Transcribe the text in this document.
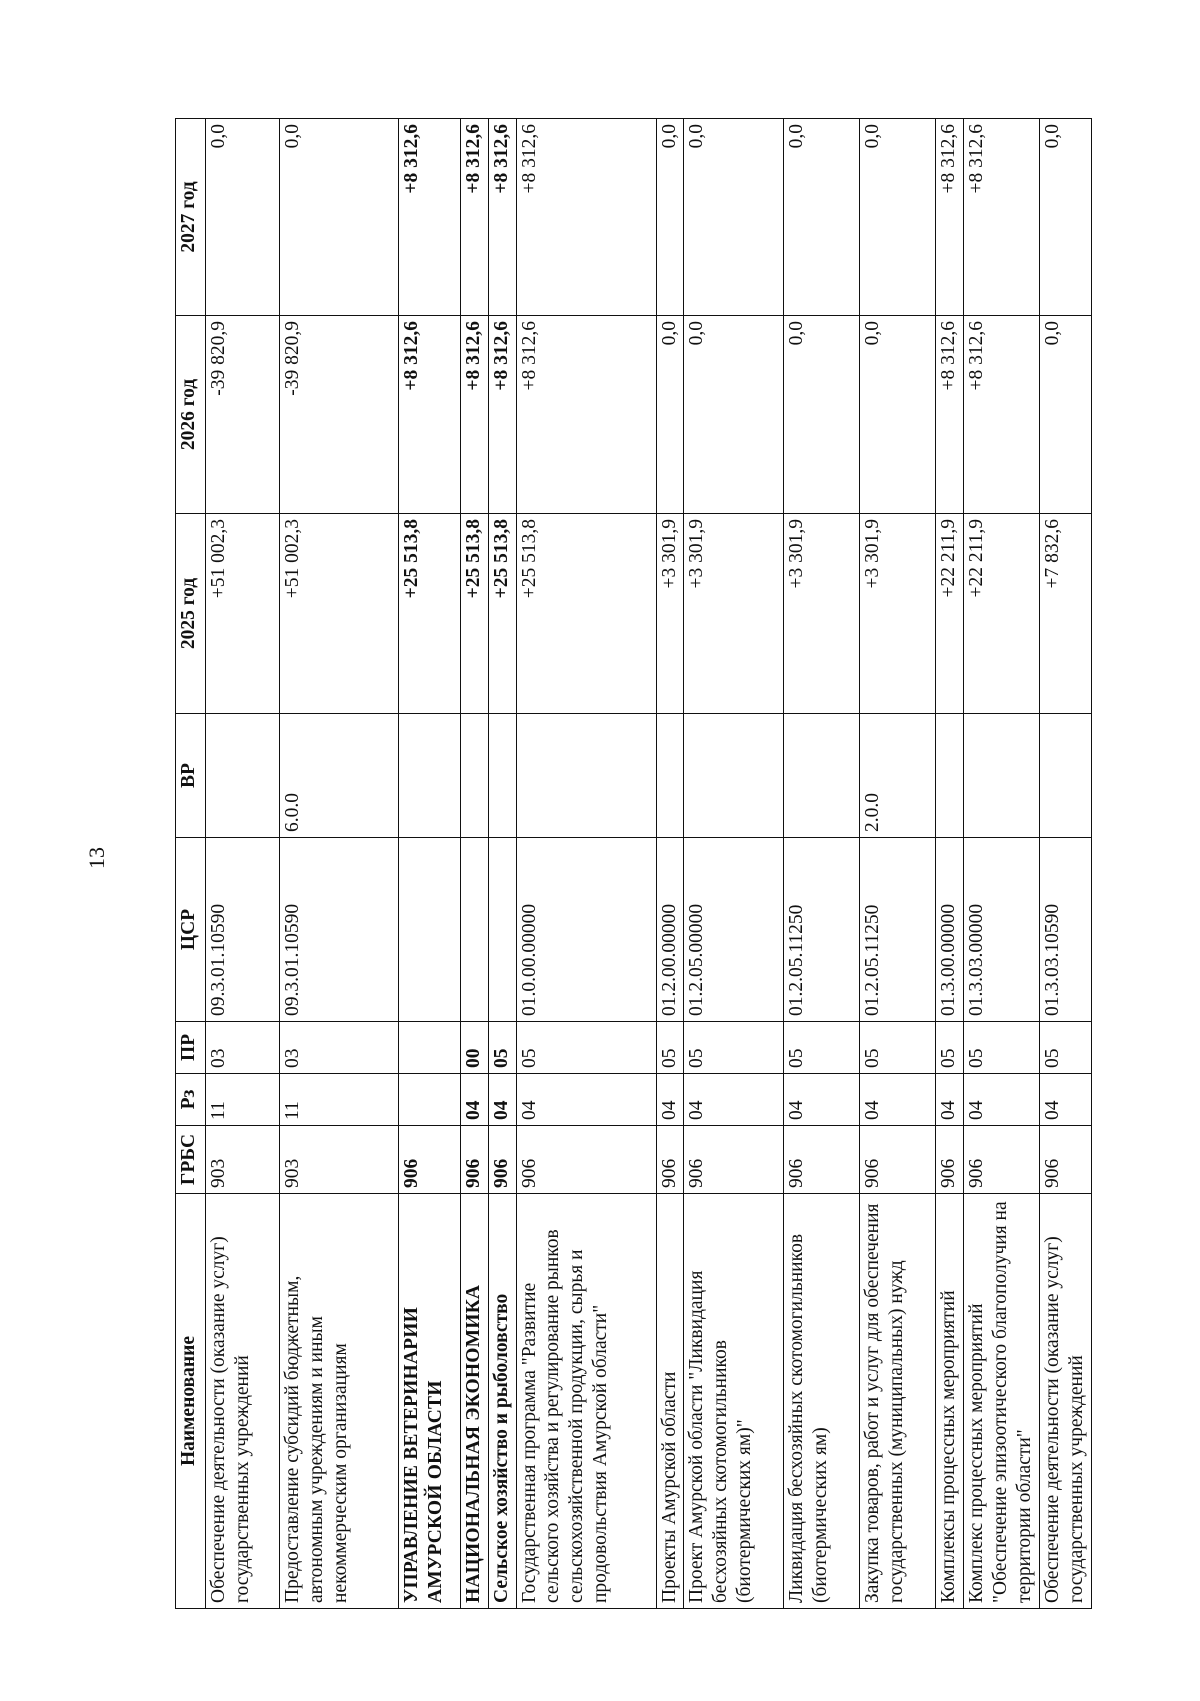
13
Наименование	ГРБС	Рз	ПР	ЦСР	ВР	2025 год	2026 год	2027 год
Обеспечение деятельности (оказание услуг) государственных учреждений	903	11	03	09.3.01.10590		+51 002,3	-39 820,9	0,0
Предоставление субсидий бюджетным, автономным учреждениям и иным некоммерческим организациям	903	11	03	09.3.01.10590	6.0.0	+51 002,3	-39 820,9	0,0
УПРАВЛЕНИЕ ВЕТЕРИНАРИИ АМУРСКОЙ ОБЛАСТИ	906					+25 513,8	+8 312,6	+8 312,6
НАЦИОНАЛЬНАЯ ЭКОНОМИКА	906	04	00			+25 513,8	+8 312,6	+8 312,6
Сельское хозяйство и рыболовство	906	04	05			+25 513,8	+8 312,6	+8 312,6
Государственная программа "Развитие сельского хозяйства и регулирование рынков сельскохозяйственной продукции, сырья и продовольствия Амурской области"	906	04	05	01.0.00.00000		+25 513,8	+8 312,6	+8 312,6
Проекты Амурской области	906	04	05	01.2.00.00000		+3 301,9	0,0	0,0
Проект Амурской области "Ликвидация бесхозяйных скотомогильников (биотермических ям)"	906	04	05	01.2.05.00000		+3 301,9	0,0	0,0
Ликвидация бесхозяйных скотомогильников (биотермических ям)	906	04	05	01.2.05.11250		+3 301,9	0,0	0,0
Закупка товаров, работ и услуг для обеспечения государственных (муниципальных) нужд	906	04	05	01.2.05.11250	2.0.0	+3 301,9	0,0	0,0
Комплексы процессных мероприятий	906	04	05	01.3.00.00000		+22 211,9	+8 312,6	+8 312,6
Комплекс процессных мероприятий "Обеспечение эпизоотического благополучия на территории области"	906	04	05	01.3.03.00000		+22 211,9	+8 312,6	+8 312,6
Обеспечение деятельности (оказание услуг) государственных учреждений	906	04	05	01.3.03.10590		+7 832,6	0,0	0,0
